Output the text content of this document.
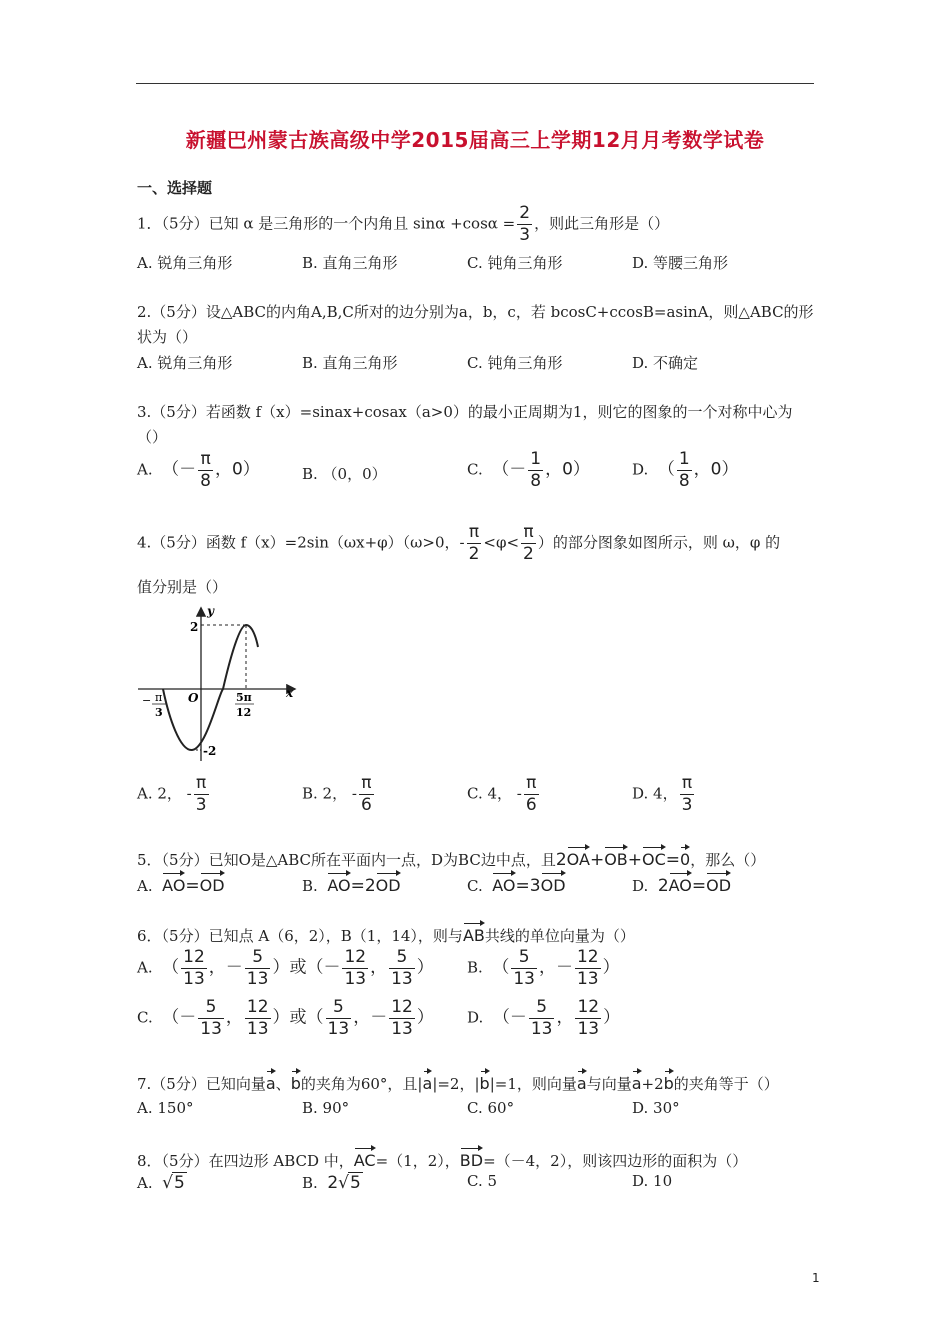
新疆巴州蒙古族高级中学2015届高三上学期12月月考数学试卷
一、选择题
1．（5分）已知 α 是三角形的一个内角且 $\sin\alpha +\cos\alpha = \frac{2}{3}$ ，则此三角形是（）
A. 锐角三角形	B. 直角三角形	C. 钝角三角形	D. 等腰三角形
2.（5分）设△ABC的内角A,B,C所对的边分别为a，b，c，若 bcosC+ccosB=asinA，则△ABC的形
状为（）
A. 锐角三角形	B. 直角三角形	C. 钝角三角形	D. 不确定
3.（5分）若函数 f（x）=sinax+cosax（a>0）的最小正周期为1，则它的图象的一个对称中心为
（）
A. （－ $\frac{\pi}{8}$ ，0）	B. （0，0）	C. （－ $\frac{1}{8}$ ，0）	D. （ $\frac{1}{8}$ ，0）
4.（5分）函数 f（x）=2sin（ωx+φ）（ω>0，- $\frac{\pi}{2} <\varphi< \frac{\pi}{2}$ ）的部分图象如图所示，则 ω，φ 的
值分别是（）
y
x
O
2
-2
− π
3
5π
12
A. 2， - $\frac{\pi}{3}$	B. 2， - $\frac{\pi}{6}$	C. 4， - $\frac{\pi}{6}$	D. 4， $\frac{\pi}{3}$
5．（5分）已知O是△ABC所在平面内一点，D为BC边中点，且2OA+OB+OC=0，那么（）
A. AO=OD	B. AO=2OD	C. AO=3OD	D. 2AO=OD
6．（5分）已知点 A（6，2），B（1，14），则与AB共线的单位向量为（）
A. （ $\frac{12}{13}$ ，－ $\frac{5}{13}$ ）或（－ $\frac{12}{13}$ ， $\frac{5}{13}$ ） B. （ $\frac{5}{13}$ ，－ $\frac{12}{13}$ ）
C. （－ $\frac{5}{13}$ ， $\frac{12}{13}$ ）或（ $\frac{5}{13}$ ，－ $\frac{12}{13}$ ） D. （－ $\frac{5}{13}$ ， $\frac{12}{13}$ ）
7.（5分）已知向量a、b的夹角为60°，且|a|=2，|b|=1，则向量a与向量a+2b的夹角等于（）
A. 150°	B. 90°	C. 60°	D. 30°
8．（5分）在四边形 ABCD 中，AC=（1，2），BD=（－4，2），则该四边形的面积为（）
A. √5	B. 2√5	C. 5	D. 10
1
